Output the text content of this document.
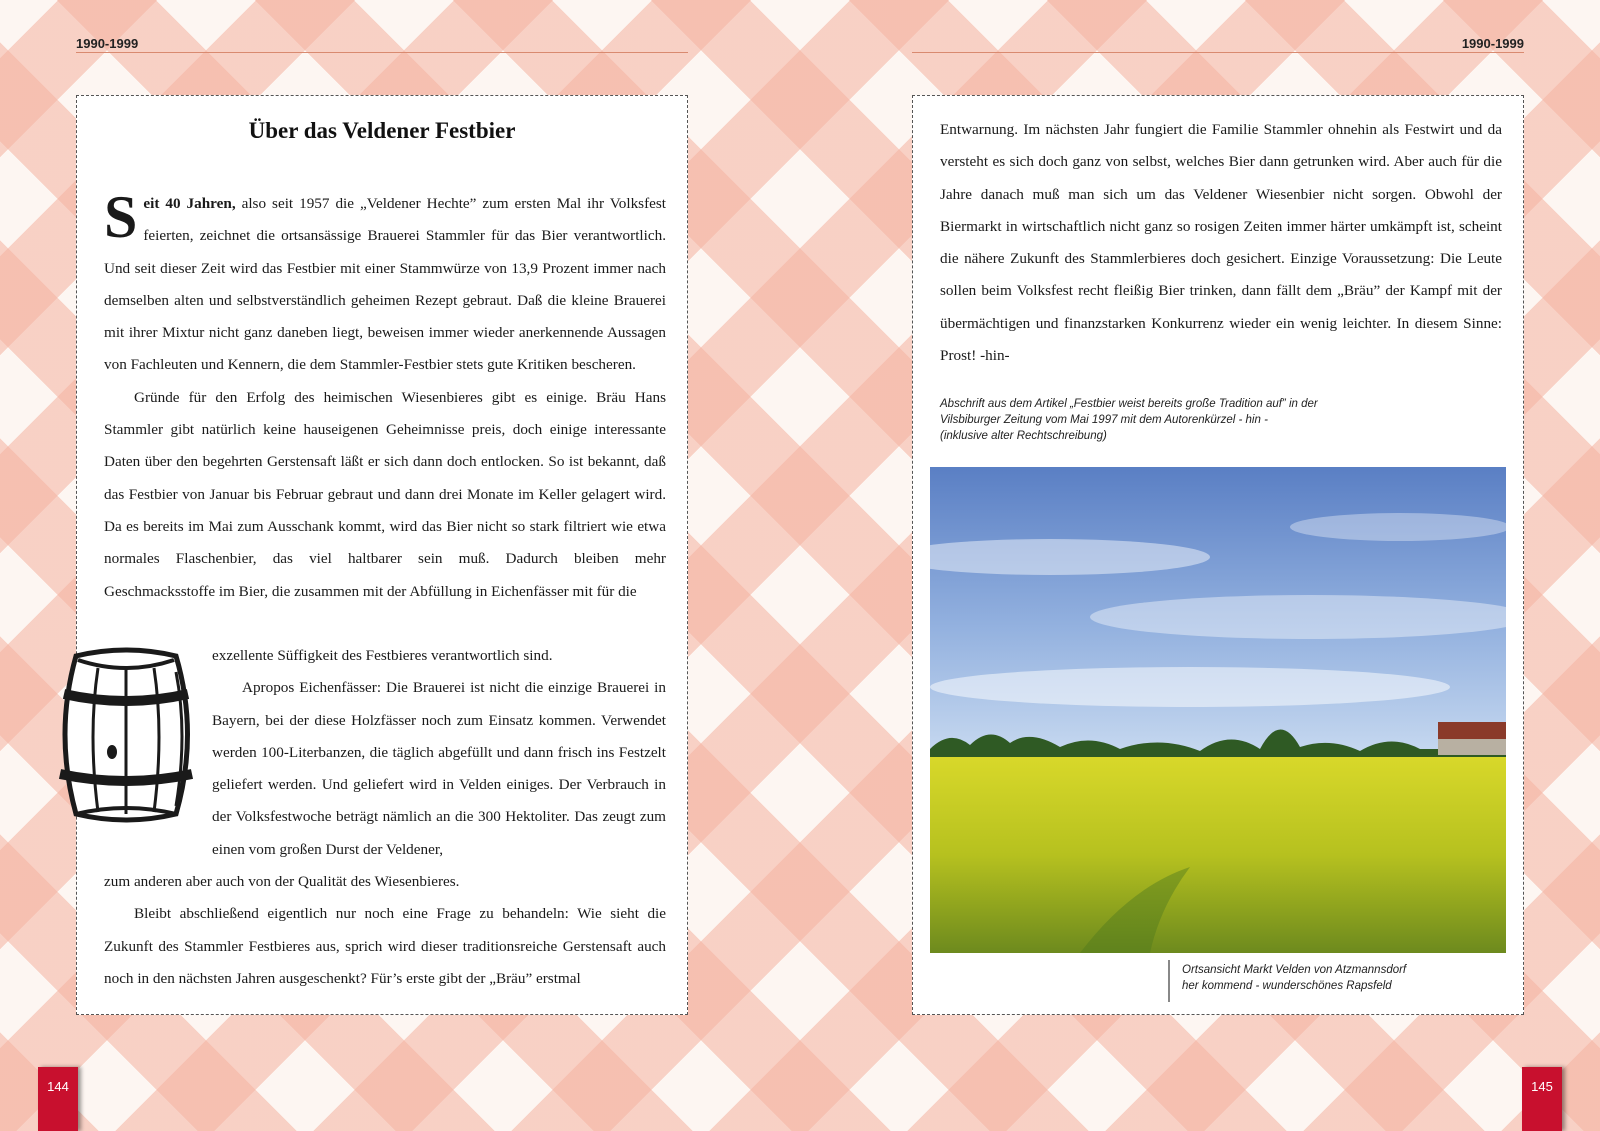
1990-1999
Über das Veldener Festbier

Seit 40 Jahren, also seit 1957 die „Veldener Hechte” zum ersten Mal ihr Volksfest feierten, zeichnet die ortsansässige Brauerei Stammler für das Bier verantwortlich. Und seit dieser Zeit wird das Festbier mit einer Stammwürze von 13,9 Prozent immer nach demselben alten und selbstverständlich geheimen Rezept gebraut. Daß die kleine Brauerei mit ihrer Mixtur nicht ganz daneben liegt, beweisen immer wieder anerkennende Aussagen von Fachleuten und Kennern, die dem Stammler-Festbier stets gute Kritiken bescheren.

Gründe für den Erfolg des heimischen Wiesenbieres gibt es einige. Bräu Hans Stammler gibt natürlich keine hauseigenen Geheimnisse preis, doch einige interessante Daten über den begehrten Gerstensaft läßt er sich dann doch entlocken. So ist bekannt, daß das Festbier von Januar bis Februar gebraut und dann drei Monate im Keller gelagert wird. Da es bereits im Mai zum Ausschank kommt, wird das Bier nicht so stark filtriert wie etwa normales Flaschenbier, das viel haltbarer sein muß. Dadurch bleiben mehr Geschmacksstoffe im Bier, die zusammen mit der Abfüllung in Eichenfässer mit für die

exzellente Süffigkeit des Festbieres verantwortlich sind.

Apropos Eichenfässer: Die Brauerei ist nicht die einzige Brauerei in Bayern, bei der diese Holzfässer noch zum Einsatz kommen. Verwendet werden 100-Literbanzen, die täglich abgefüllt und dann frisch ins Festzelt geliefert werden. Und geliefert wird in Velden einiges. Der Verbrauch in der Volksfestwoche beträgt nämlich an die 300 Hektoliter. Das zeugt zum einen vom großen Durst der Veldener,

zum anderen aber auch von der Qualität des Wiesenbieres.

Bleibt abschließend eigentlich nur noch eine Frage zu behandeln: Wie sieht die Zukunft des Stammler Festbieres aus, sprich wird dieser traditionsreiche Gerstensaft auch noch in den nächsten Jahren ausgeschenkt? Für’s erste gibt der „Bräu” erstmal

144
1990-1999

Entwarnung. Im nächsten Jahr fungiert die Familie Stammler ohnehin als Festwirt und da versteht es sich doch ganz von selbst, welches Bier dann getrunken wird. Aber auch für die Jahre danach muß man sich um das Veldener Wiesenbier nicht sorgen. Obwohl der Biermarkt in wirtschaftlich nicht ganz so rosigen Zeiten immer härter umkämpft ist, scheint die nähere Zukunft des Stammlerbieres doch gesichert. Einzige Voraussetzung: Die Leute sollen beim Volksfest recht fleißig Bier trinken, dann fällt dem „Bräu” der Kampf mit der übermächtigen und finanzstarken Konkurrenz wieder ein wenig leichter. In diesem Sinne: Prost! -hin-

Abschrift aus dem Artikel „Festbier weist bereits große Tradition auf” in der

Vilsbiburger Zeitung vom Mai 1997 mit dem Autorenkürzel - hin -

(inklusive alter Rechtschreibung)

Ortsansicht Markt Velden von Atzmannsdorf

her kommend - wunderschönes Rapsfeld

145
